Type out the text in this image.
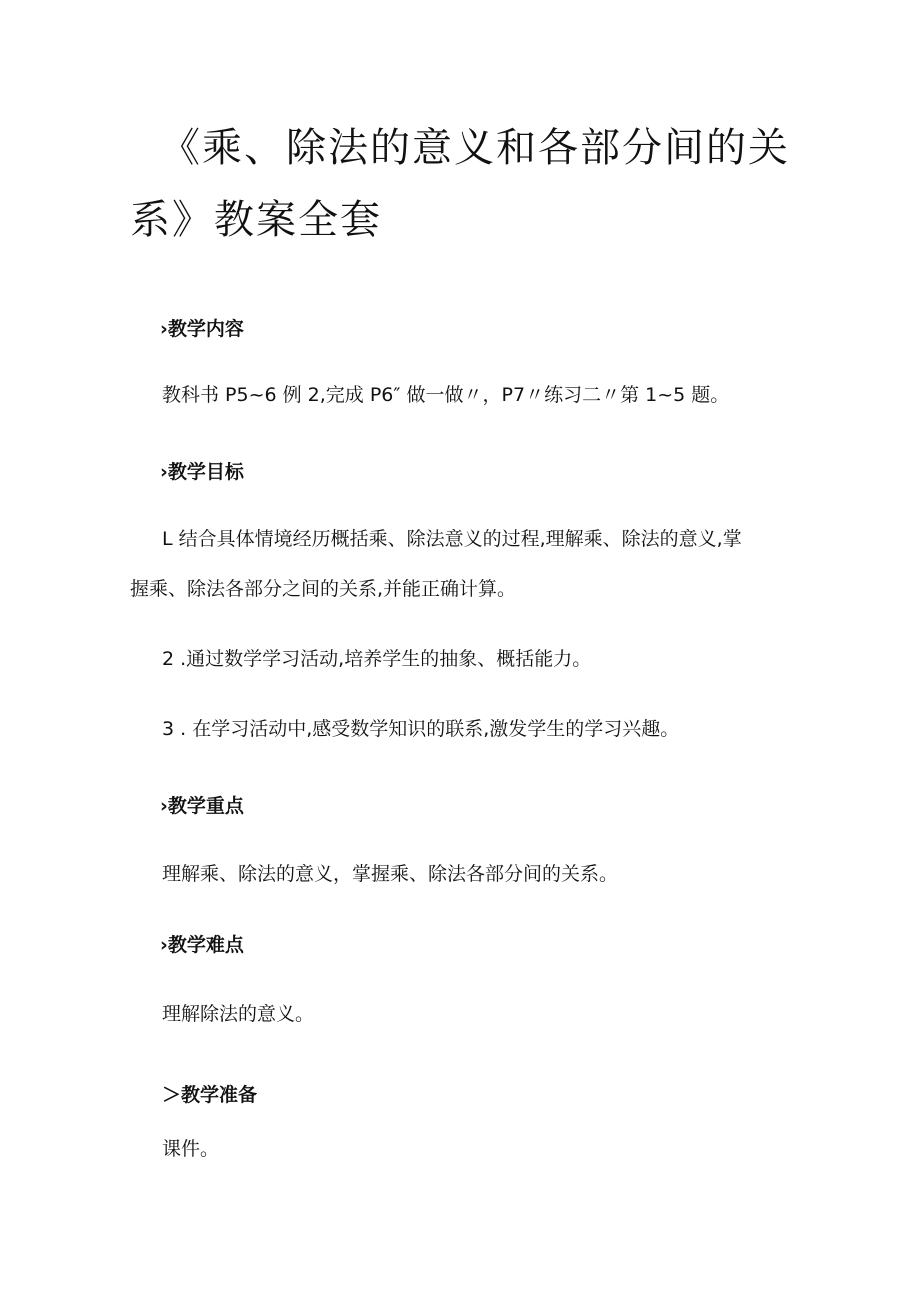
《乘、除法的意义和各部分间的关
系》教案全套
›教学内容

教科书 P5~6 例 2,完成 P6″ 做一做〃，P7〃练习二〃第 1~5 题。

›教学目标

L 结合具体情境经历概括乘、除法意义的过程,理解乘、除法的意义,掌

握乘、除法各部分之间的关系,并能正确计算。

2 .通过数学学习活动,培养学生的抽象、概括能力。

3 . 在学习活动中,感受数学知识的联系,激发学生的学习兴趣。

›教学重点

理解乘、除法的意义，掌握乘、除法各部分间的关系。

›教学难点

理解除法的意义。

＞教学准备

课件。
